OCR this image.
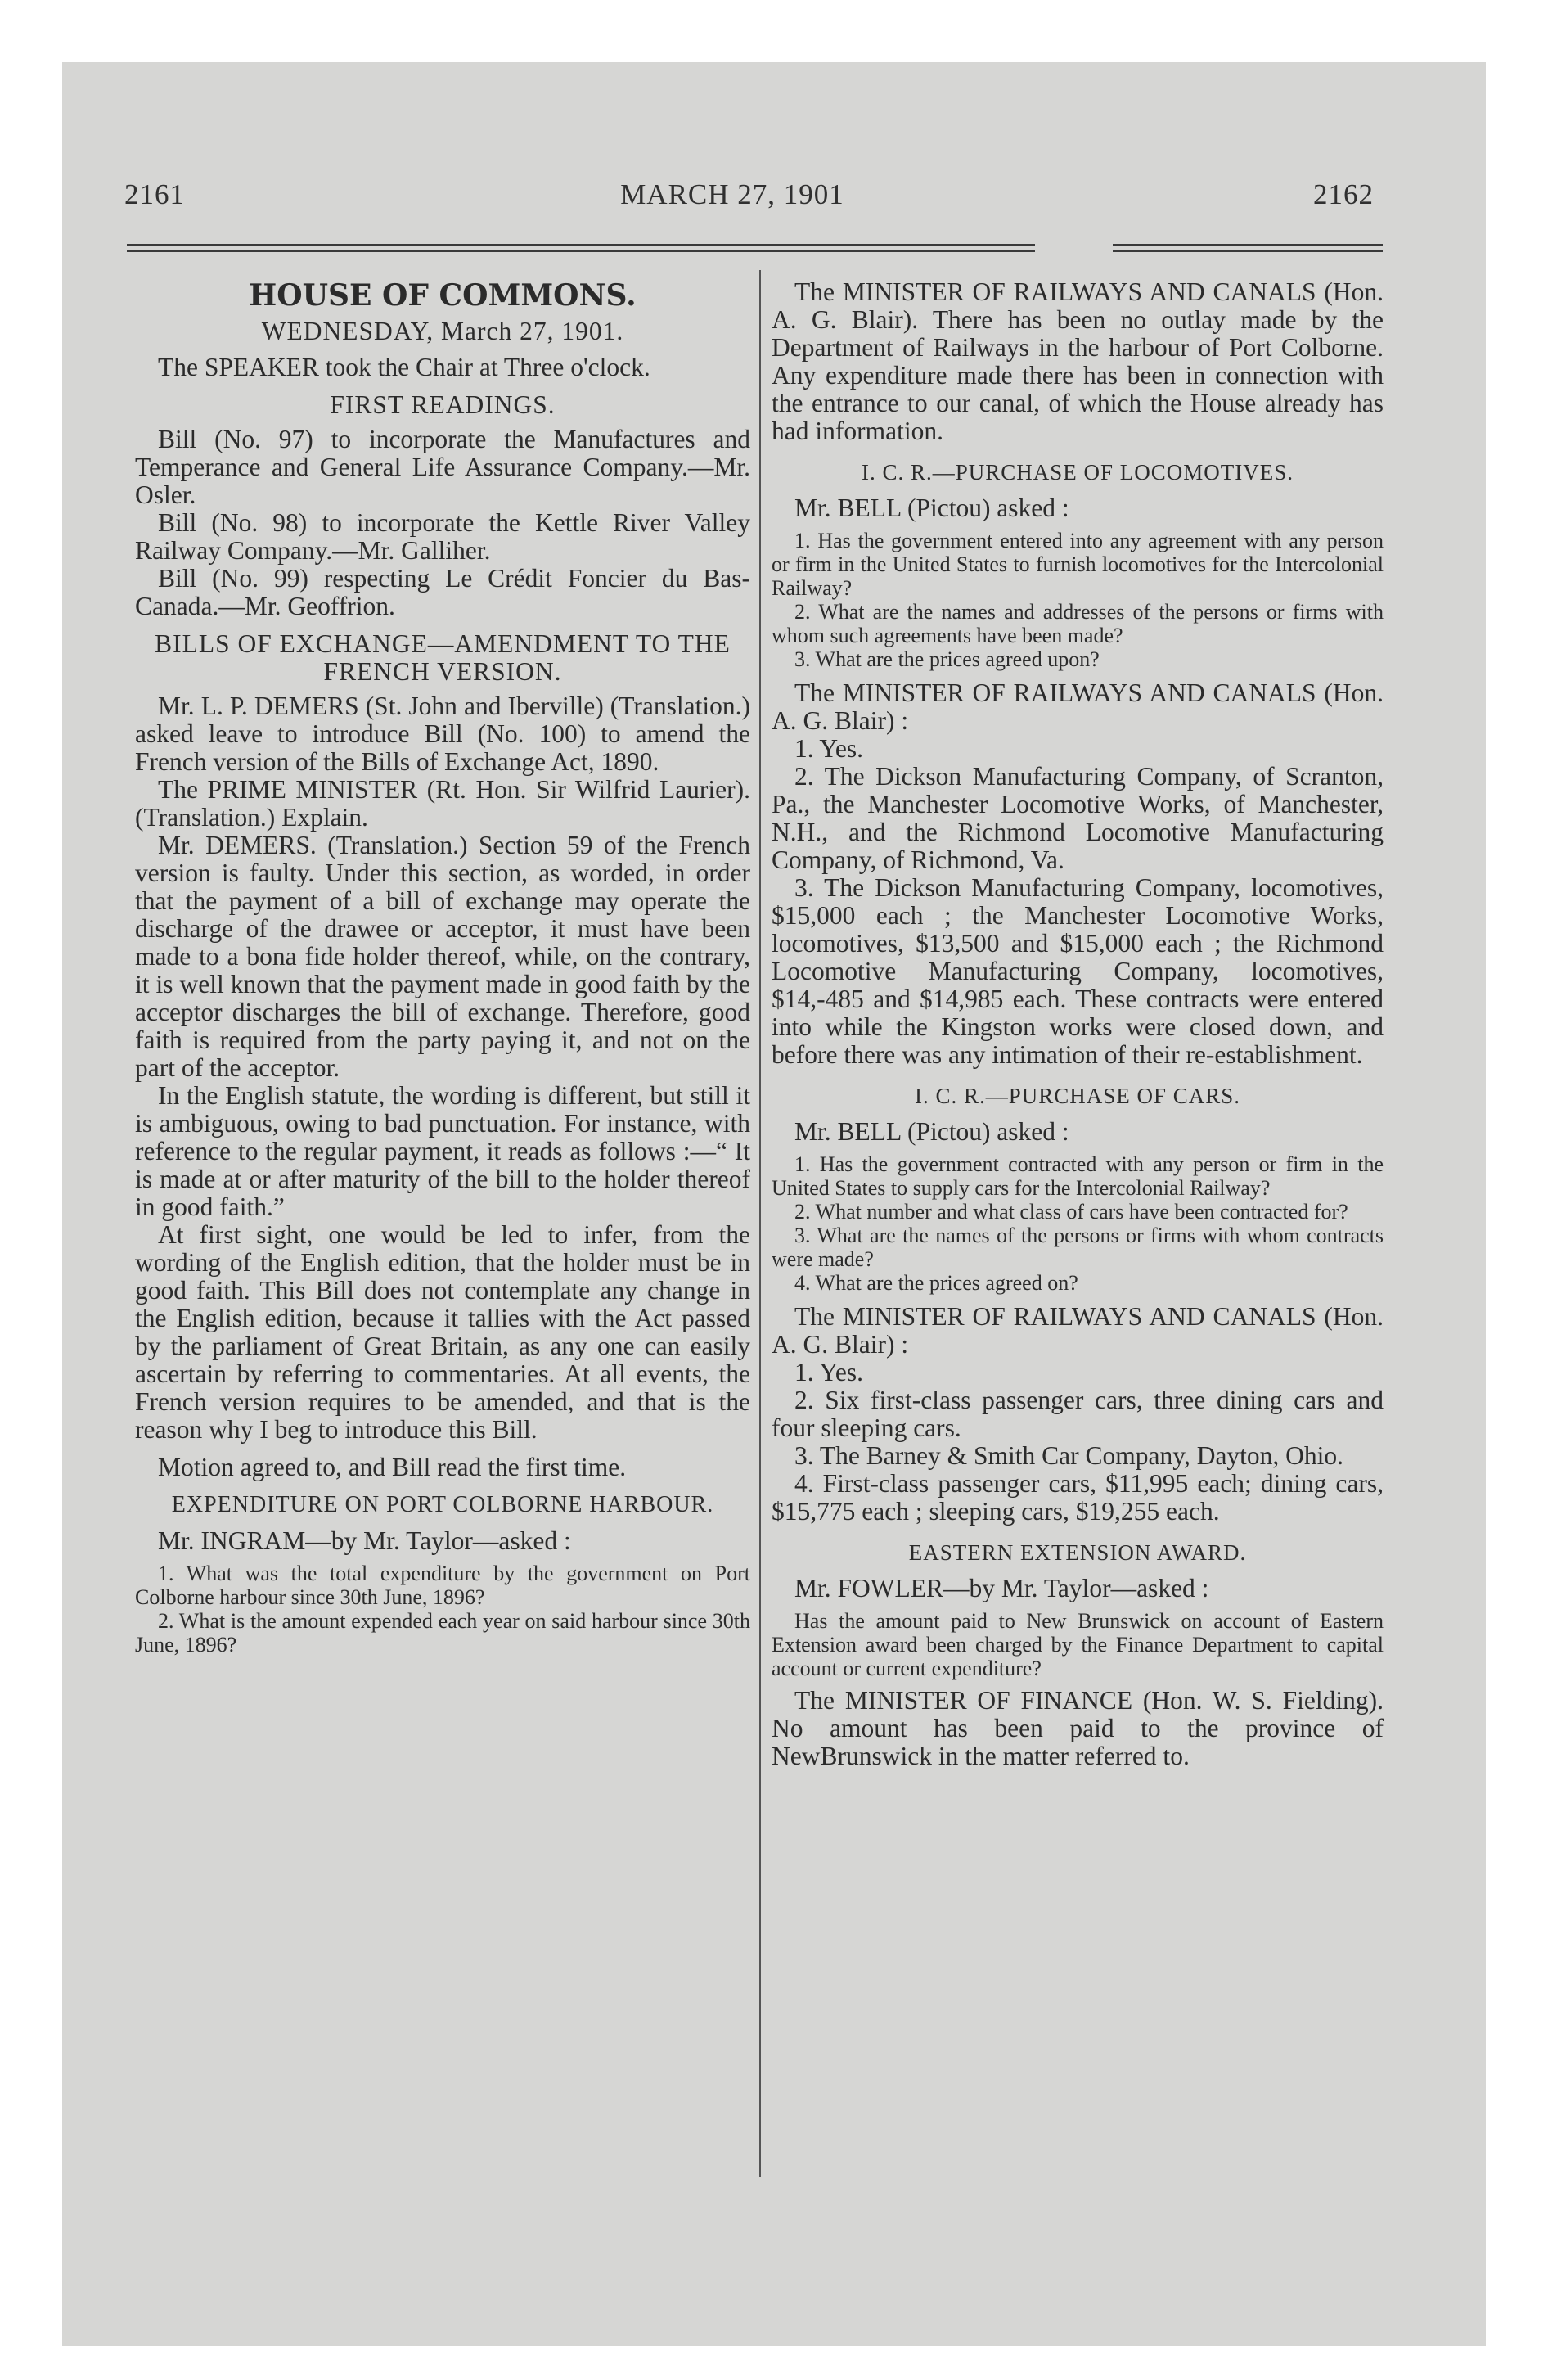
2161	MARCH 27, 1901	2162
HOUSE OF COMMONS.
WEDNESDAY, March 27, 1901.

The SPEAKER took the Chair at Three o'clock.

FIRST READINGS.

Bill (No. 97) to incorporate the Manufactures and Temperance and General Life Assurance Company.—Mr. Osler.

Bill (No. 98) to incorporate the Kettle River Valley Railway Company.—Mr. Galliher.

Bill (No. 99) respecting Le Crédit Foncier du Bas-Canada.—Mr. Geoffrion.

BILLS OF EXCHANGE—AMENDMENT TO THE FRENCH VERSION.

Mr. L. P. DEMERS (St. John and Iberville) (Translation.) asked leave to introduce Bill (No. 100) to amend the French version of the Bills of Exchange Act, 1890.

The PRIME MINISTER (Rt. Hon. Sir Wilfrid Laurier). (Translation.) Explain.

Mr. DEMERS. (Translation.) Section 59 of the French version is faulty. Under this section, as worded, in order that the payment of a bill of exchange may operate the discharge of the drawee or acceptor, it must have been made to a bona fide holder thereof, while, on the contrary, it is well known that the payment made in good faith by the acceptor discharges the bill of exchange. Therefore, good faith is required from the party paying it, and not on the part of the acceptor.

In the English statute, the wording is different, but still it is ambiguous, owing to bad punctuation. For instance, with reference to the regular payment, it reads as follows :—“ It is made at or after maturity of the bill to the holder thereof in good faith.”

At first sight, one would be led to infer, from the wording of the English edition, that the holder must be in good faith. This Bill does not contemplate any change in the English edition, because it tallies with the Act passed by the parliament of Great Britain, as any one can easily ascertain by referring to commentaries. At all events, the French version requires to be amended, and that is the reason why I beg to introduce this Bill.

Motion agreed to, and Bill read the first time.

EXPENDITURE ON PORT COLBORNE HARBOUR.

Mr. INGRAM—by Mr. Taylor—asked :

1. What was the total expenditure by the government on Port Colborne harbour since 30th June, 1896?

2. What is the amount expended each year on said harbour since 30th June, 1896?

The MINISTER OF RAILWAYS AND CANALS (Hon. A. G. Blair). There has been no outlay made by the Department of Railways in the harbour of Port Colborne. Any expenditure made there has been in connection with the entrance to our canal, of which the House already has had information.

I. C. R.—PURCHASE OF LOCOMOTIVES.

Mr. BELL (Pictou) asked :

1. Has the government entered into any agreement with any person or firm in the United States to furnish locomotives for the Intercolonial Railway?

2. What are the names and addresses of the persons or firms with whom such agreements have been made?

3. What are the prices agreed upon?

The MINISTER OF RAILWAYS AND CANALS (Hon. A. G. Blair) :

1. Yes.

2. The Dickson Manufacturing Company, of Scranton, Pa., the Manchester Locomotive Works, of Manchester, N.H., and the Richmond Locomotive Manufacturing Company, of Richmond, Va.

3. The Dickson Manufacturing Company, locomotives, $15,000 each ; the Manchester Locomotive Works, locomotives, $13,500 and $15,000 each ; the Richmond Locomotive Manufacturing Company, locomotives, $14,-485 and $14,985 each. These contracts were entered into while the Kingston works were closed down, and before there was any intimation of their re-establishment.

I. C. R.—PURCHASE OF CARS.

Mr. BELL (Pictou) asked :

1. Has the government contracted with any person or firm in the United States to supply cars for the Intercolonial Railway?

2. What number and what class of cars have been contracted for?

3. What are the names of the persons or firms with whom contracts were made?

4. What are the prices agreed on?

The MINISTER OF RAILWAYS AND CANALS (Hon. A. G. Blair) :

1. Yes.

2. Six first-class passenger cars, three dining cars and four sleeping cars.

3. The Barney & Smith Car Company, Dayton, Ohio.

4. First-class passenger cars, $11,995 each; dining cars, $15,775 each ; sleeping cars, $19,255 each.

EASTERN EXTENSION AWARD.

Mr. FOWLER—by Mr. Taylor—asked :

Has the amount paid to New Brunswick on account of Eastern Extension award been charged by the Finance Department to capital account or current expenditure?

The MINISTER OF FINANCE (Hon. W. S. Fielding). No amount has been paid to the province of NewBrunswick in the matter referred to.
